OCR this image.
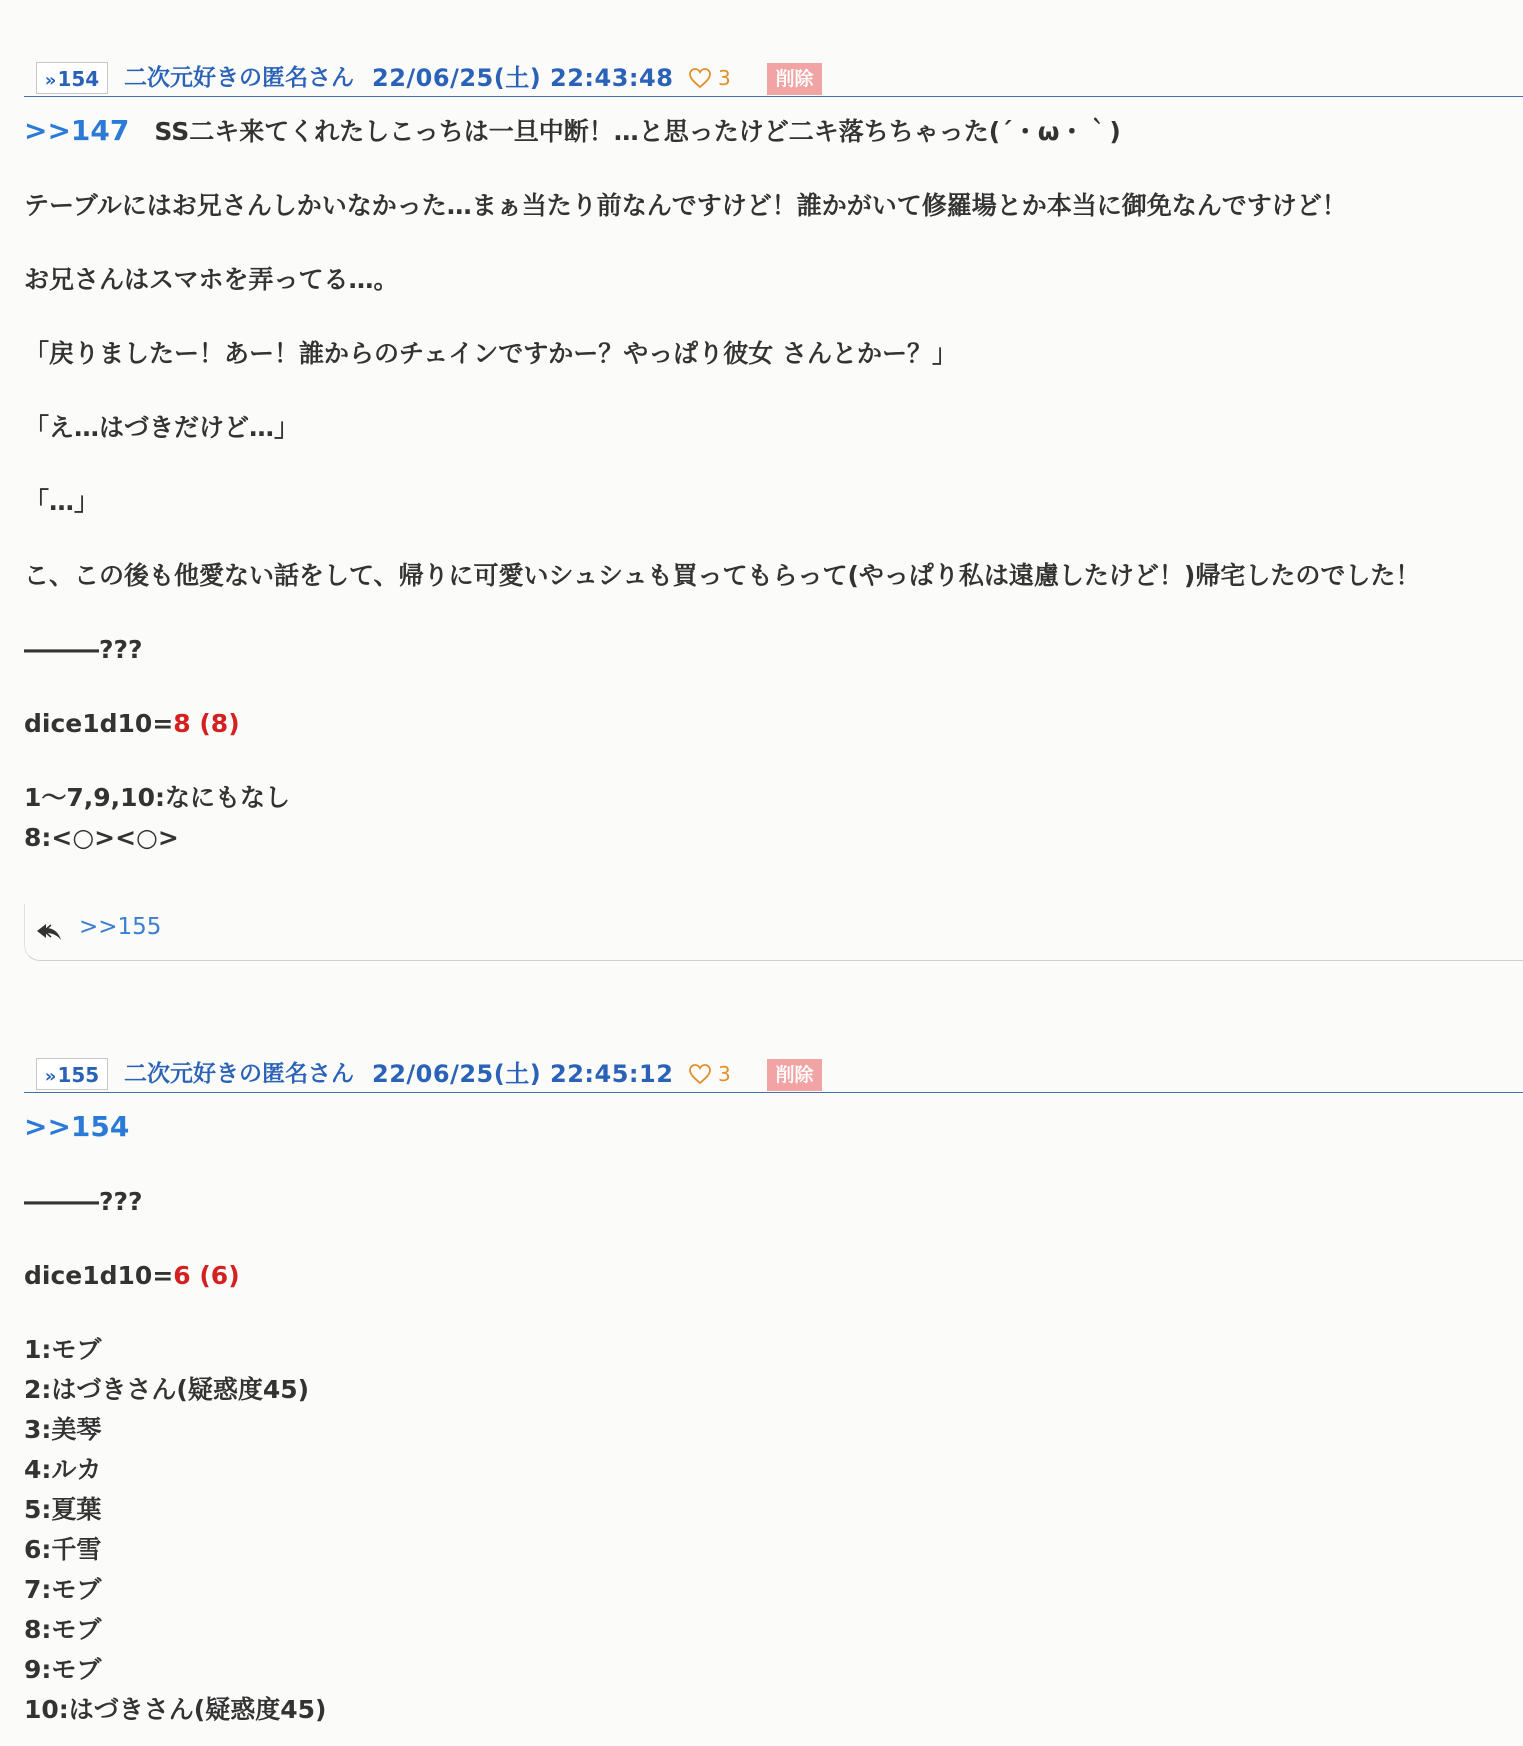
»154	二次元好きの匿名さん 22/06/25(土) 22:43:48	3	削除
>>147　SS二キ来てくれたしこっちは一旦中断！…と思ったけど二キ落ちちゃった(´・ω・｀)
テーブルにはお兄さんしかいなかった…まぁ当たり前なんですけど！誰かがいて修羅場とか本当に御免なんですけど！
お兄さんはスマホを弄ってる…。
「戻りましたー！あー！誰からのチェインですかー？やっぱり彼女 さんとかー？」
「え…はづきだけど…」
「…」
こ、この後も他愛ない話をして、帰りに可愛いシュシュも買ってもらって(やっぱり私は遠慮したけど！)帰宅したのでした！
―――???
dice1d10=8 (8)
1～7,9,10:なにもなし
8:<○><○>
>>155
»155	二次元好きの匿名さん 22/06/25(土) 22:45:12	3	削除
>>154
―――???
dice1d10=6 (6)
1:モブ
2:はづきさん(疑惑度45)
3:美琴
4:ルカ
5:夏葉
6:千雪
7:モブ
8:モブ
9:モブ
10:はづきさん(疑惑度45)
